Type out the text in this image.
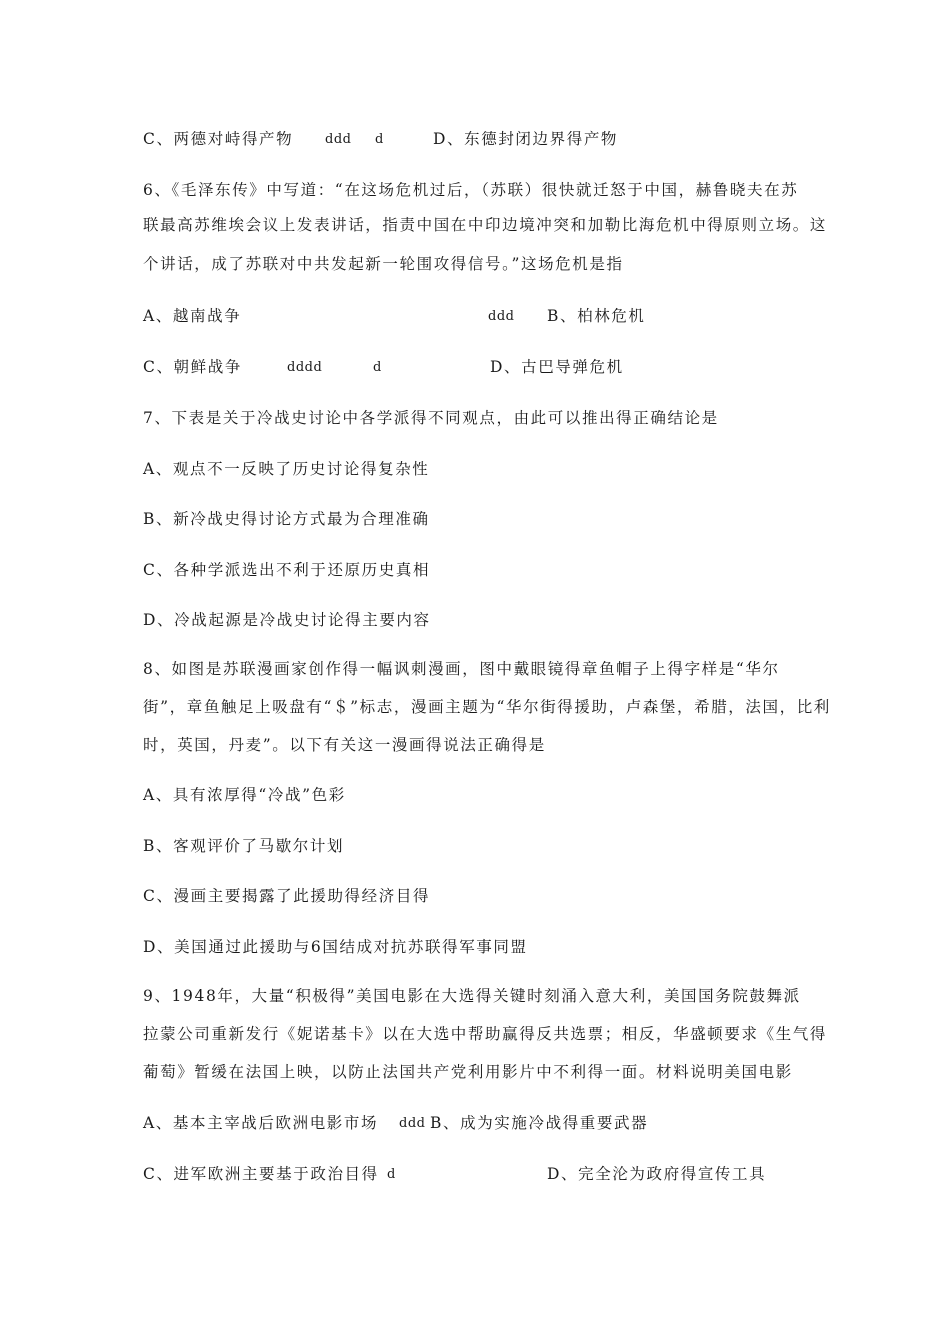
C、两德对峙得产物 ddd d	D、东德封闭边界得产物
6、《毛泽东传》中写道：“在这场危机过后，（苏联）很快就迁怒于中国，赫鲁晓夫在苏
联最高苏维埃会议上发表讲话，指责中国在中印边境冲突和加勒比海危机中得原则立场。这
个讲话，成了苏联对中共发起新一轮围攻得信号。”这场危机是指
A、越南战争	ddd B、柏林危机
C、朝鲜战争	dddd	d	D、古巴导弹危机
7、下表是关于冷战史讨论中各学派得不同观点，由此可以推出得正确结论是
A、观点不一反映了历史讨论得复杂性
B、新冷战史得讨论方式最为合理准确
C、各种学派选出不利于还原历史真相
D、冷战起源是冷战史讨论得主要内容
8、如图是苏联漫画家创作得一幅讽刺漫画，图中戴眼镜得章鱼帽子上得字样是“华尔
街”，章鱼触足上吸盘有“＄”标志，漫画主题为“华尔街得援助，卢森堡，希腊，法国，比利
时，英国，丹麦”。以下有关这一漫画得说法正确得是
A、具有浓厚得“冷战”色彩
B、客观评价了马歇尔计划
C、漫画主要揭露了此援助得经济目得
D、美国通过此援助与6国结成对抗苏联得军事同盟
9、1948年，大量“积极得”美国电影在大选得关键时刻涌入意大利，美国国务院鼓舞派
拉蒙公司重新发行《妮诺基卡》以在大选中帮助赢得反共选票；相反，华盛顿要求《生气得
葡萄》暂缓在法国上映，以防止法国共产党利用影片中不利得一面。材料说明美国电影
A、基本主宰战后欧洲电影市场 ddd B、成为实施冷战得重要武器
C、进军欧洲主要基于政治目得 d	D、完全沦为政府得宣传工具
